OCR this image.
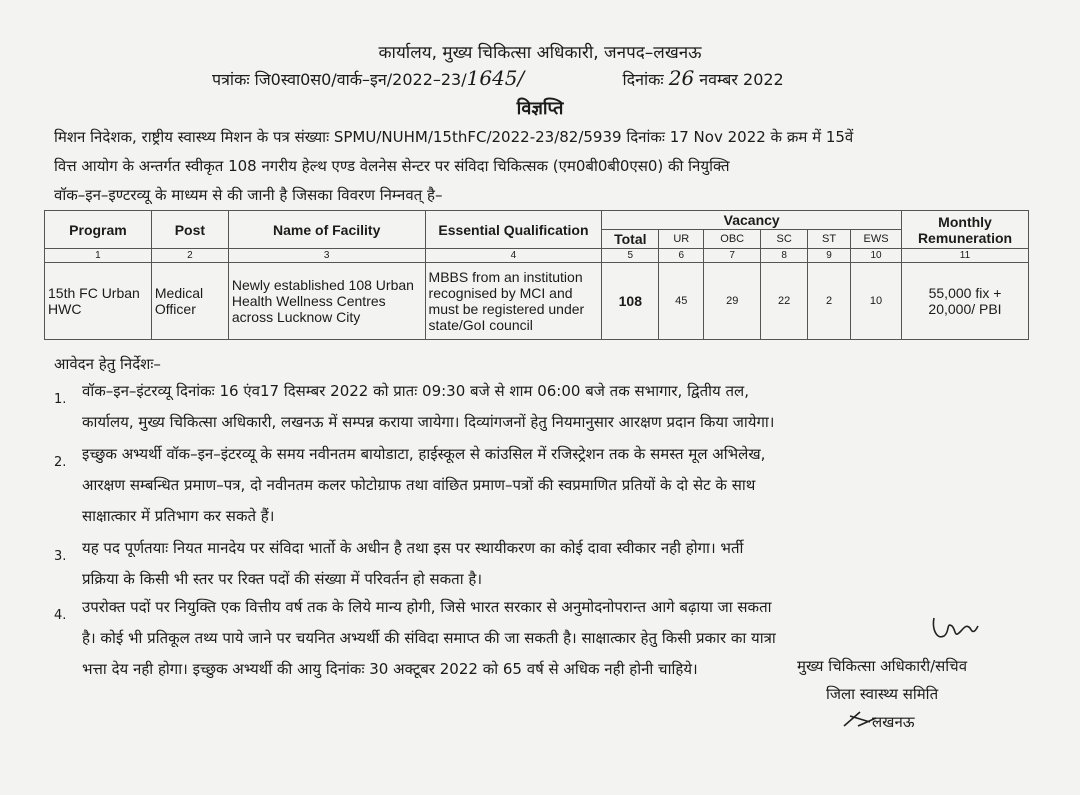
कार्यालय, मुख्य चिकित्सा अधिकारी, जनपद–लखनऊ
पत्रांकः जि0स्वा0स0/वार्क–इन/2022–23/1645/	दिनांकः 26 नवम्बर 2022
विज्ञप्ति
मिशन निदेशक, राष्ट्रीय स्वास्थ्य मिशन के पत्र संख्याः SPMU/NUHM/15thFC/2022-23/82/5939 दिनांकः 17 Nov 2022 के क्रम में 15वें
वित्त आयोग के अन्तर्गत स्वीकृत 108 नगरीय हेल्थ एण्ड वेलनेस सेन्टर पर संविदा चिकित्सक (एम0बी0बी0एस0) की नियुक्ति
वॉक–इन–इण्टरव्यू के माध्यम से की जानी है जिसका विवरण निम्नवत् है–
Program	Post	Name of Facility	Essential Qualification	Vacancy						Monthly Remuneration
				Total	UR	OBC	SC	ST	EWS	
1	2	3	4	5	6	7	8	9	10	11
15th FC Urban HWC	Medical Officer	Newly established 108 Urban Health Wellness Centres across Lucknow City	MBBS from an institution recognised by MCI and must be registered under state/GoI council	108	45	29	22	2	10	55,000 fix + 20,000/ PBI
आवेदन हेतु निर्देशः–
1.	वॉक–इन–इंटरव्यू दिनांकः 16 एंव17 दिसम्बर 2022 को प्रातः 09:30 बजे से शाम 06:00 बजे तक सभागार, द्वितीय तल,
कार्यालय, मुख्य चिकित्सा अधिकारी, लखनऊ में सम्पन्न कराया जायेगा। दिव्यांगजनों हेतु नियमानुसार आरक्षण प्रदान किया जायेगा।
2.	इच्छुक अभ्यर्थी वॉक–इन–इंटरव्यू के समय नवीनतम बायोडाटा, हाईस्कूल से कांउसिल में रजिस्ट्रेशन तक के समस्त मूल अभिलेख,
आरक्षण सम्बन्धित प्रमाण–पत्र, दो नवीनतम कलर फोटोग्राफ तथा वांछित प्रमाण–पत्रों की स्वप्रमाणित प्रतियों के दो सेट के साथ
साक्षात्कार में प्रतिभाग कर सकते हैं।
3.	यह पद पूर्णतयाः नियत मानदेय पर संविदा भार्तो के अधीन है तथा इस पर स्थायीकरण का कोई दावा स्वीकार नही होगा। भर्ती
प्रक्रिया के किसी भी स्तर पर रिक्त पदों की संख्या में परिवर्तन हो सकता है।
4.	उपरोक्त पदों पर नियुक्ति एक वित्तीय वर्ष तक के लिये मान्य होगी, जिसे भारत सरकार से अनुमोदनोपरान्त आगे बढ़ाया जा सकता
है। कोई भी प्रतिकूल तथ्य पाये जाने पर चयनित अभ्यर्थी की संविदा समाप्त की जा सकती है। साक्षात्कार हेतु किसी प्रकार का यात्रा
भत्ता देय नही होगा। इच्छुक अभ्यर्थी की आयु दिनांकः 30 अक्टूबर 2022 को 65 वर्ष से अधिक नही होनी चाहिये।	मुख्य चिकित्सा अधिकारी/सचिव
जिला स्वास्थ्य समिति
लखनऊ
